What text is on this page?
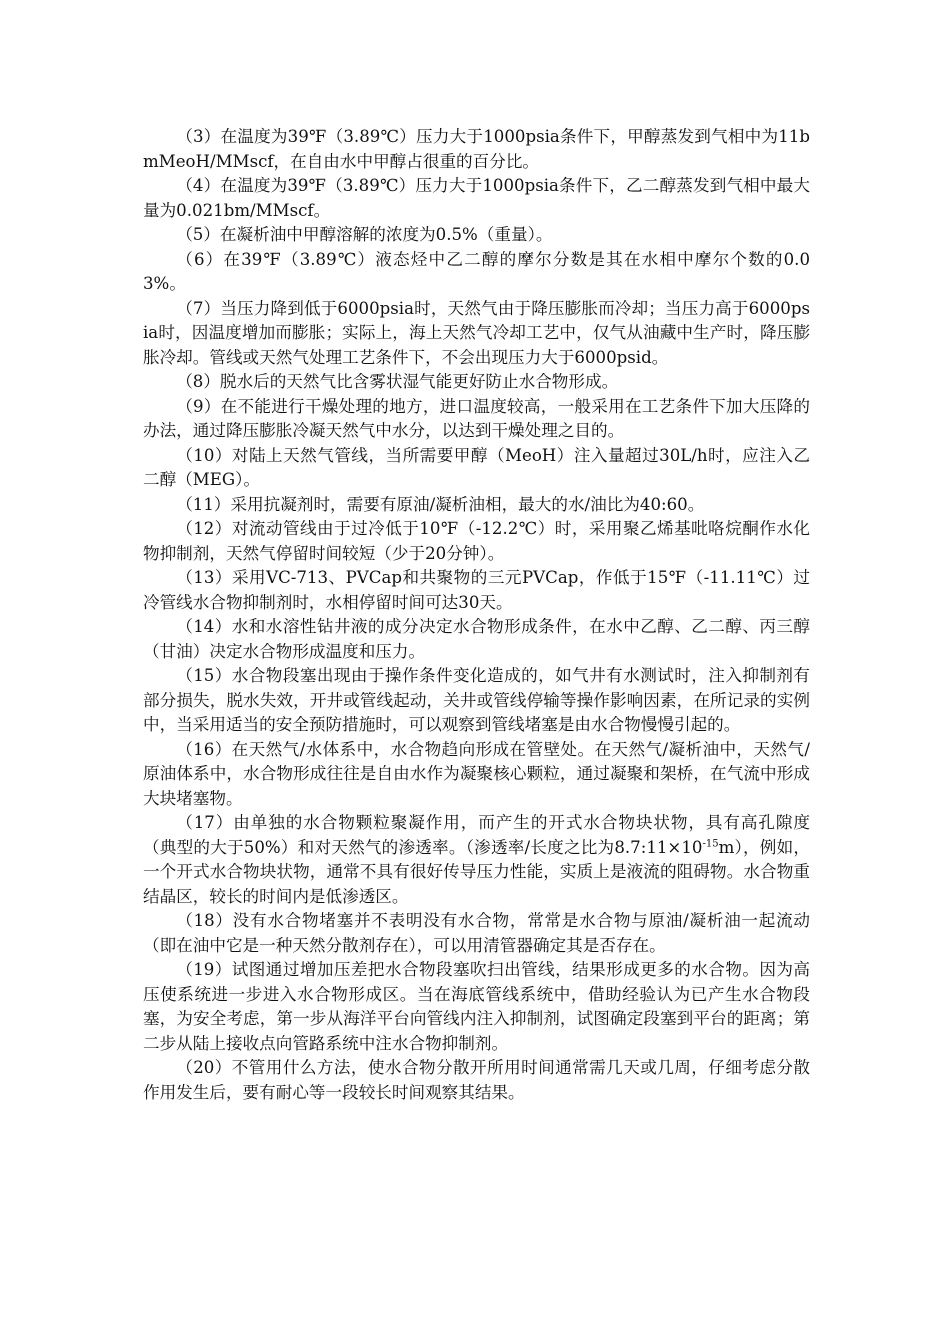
（3）在温度为39℉（3.89℃）压力大于1000psia条件下，甲醇蒸发到气相中为11bmMeoH/MMscf，在自由水中甲醇占很重的百分比。

（4）在温度为39℉（3.89℃）压力大于1000psia条件下，乙二醇蒸发到气相中最大量为0.021bm/MMscf。

（5）在凝析油中甲醇溶解的浓度为0.5%（重量）。

（6）在39℉（3.89℃）液态烃中乙二醇的摩尔分数是其在水相中摩尔个数的0.03%。

（7）当压力降到低于6000psia时，天然气由于降压膨胀而冷却；当压力高于6000psia时，因温度增加而膨胀；实际上，海上天然气冷却工艺中，仅气从油藏中生产时，降压膨胀冷却。管线或天然气处理工艺条件下，不会出现压力大于6000psid。

（8）脱水后的天然气比含雾状湿气能更好防止水合物形成。

（9）在不能进行干燥处理的地方，进口温度较高，一般采用在工艺条件下加大压降的办法，通过降压膨胀冷凝天然气中水分，以达到干燥处理之目的。

（10）对陆上天然气管线，当所需要甲醇（MeoH）注入量超过30L/h时，应注入乙二醇（MEG）。

（11）采用抗凝剂时，需要有原油/凝析油相，最大的水/油比为40:60。

（12）对流动管线由于过冷低于10℉（-12.2℃）时，采用聚乙烯基吡咯烷酮作水化物抑制剂，天然气停留时间较短（少于20分钟）。

（13）采用VC-713、PVCap和共聚物的三元PVCap，作低于15℉（-11.11℃）过冷管线水合物抑制剂时，水相停留时间可达30天。

（14）水和水溶性钻井液的成分决定水合物形成条件，在水中乙醇、乙二醇、丙三醇（甘油）决定水合物形成温度和压力。

（15）水合物段塞出现由于操作条件变化造成的，如气井有水测试时，注入抑制剂有部分损失，脱水失效，开井或管线起动，关井或管线停输等操作影响因素，在所记录的实例中，当采用适当的安全预防措施时，可以观察到管线堵塞是由水合物慢慢引起的。

（16）在天然气/水体系中，水合物趋向形成在管壁处。在天然气/凝析油中，天然气/原油体系中，水合物形成往往是自由水作为凝聚核心颗粒，通过凝聚和架桥，在气流中形成大块堵塞物。

（17）由单独的水合物颗粒聚凝作用，而产生的开式水合物块状物，具有高孔隙度（典型的大于50%）和对天然气的渗透率。（渗透率/长度之比为$8.7:11\times 10^{-15}m$），例如，一个开式水合物块状物，通常不具有很好传导压力性能，实质上是液流的阻碍物。水合物重结晶区，较长的时间内是低渗透区。

（18）没有水合物堵塞并不表明没有水合物，常常是水合物与原油/凝析油一起流动（即在油中它是一种天然分散剂存在），可以用清管器确定其是否存在。

（19）试图通过增加压差把水合物段塞吹扫出管线，结果形成更多的水合物。因为高压使系统进一步进入水合物形成区。当在海底管线系统中，借助经验认为已产生水合物段塞，为安全考虑，第一步从海洋平台向管线内注入抑制剂，试图确定段塞到平台的距离；第二步从陆上接收点向管路系统中注水合物抑制剂。

（20）不管用什么方法，使水合物分散开所用时间通常需几天或几周，仔细考虑分散作用发生后，要有耐心等一段较长时间观察其结果。
